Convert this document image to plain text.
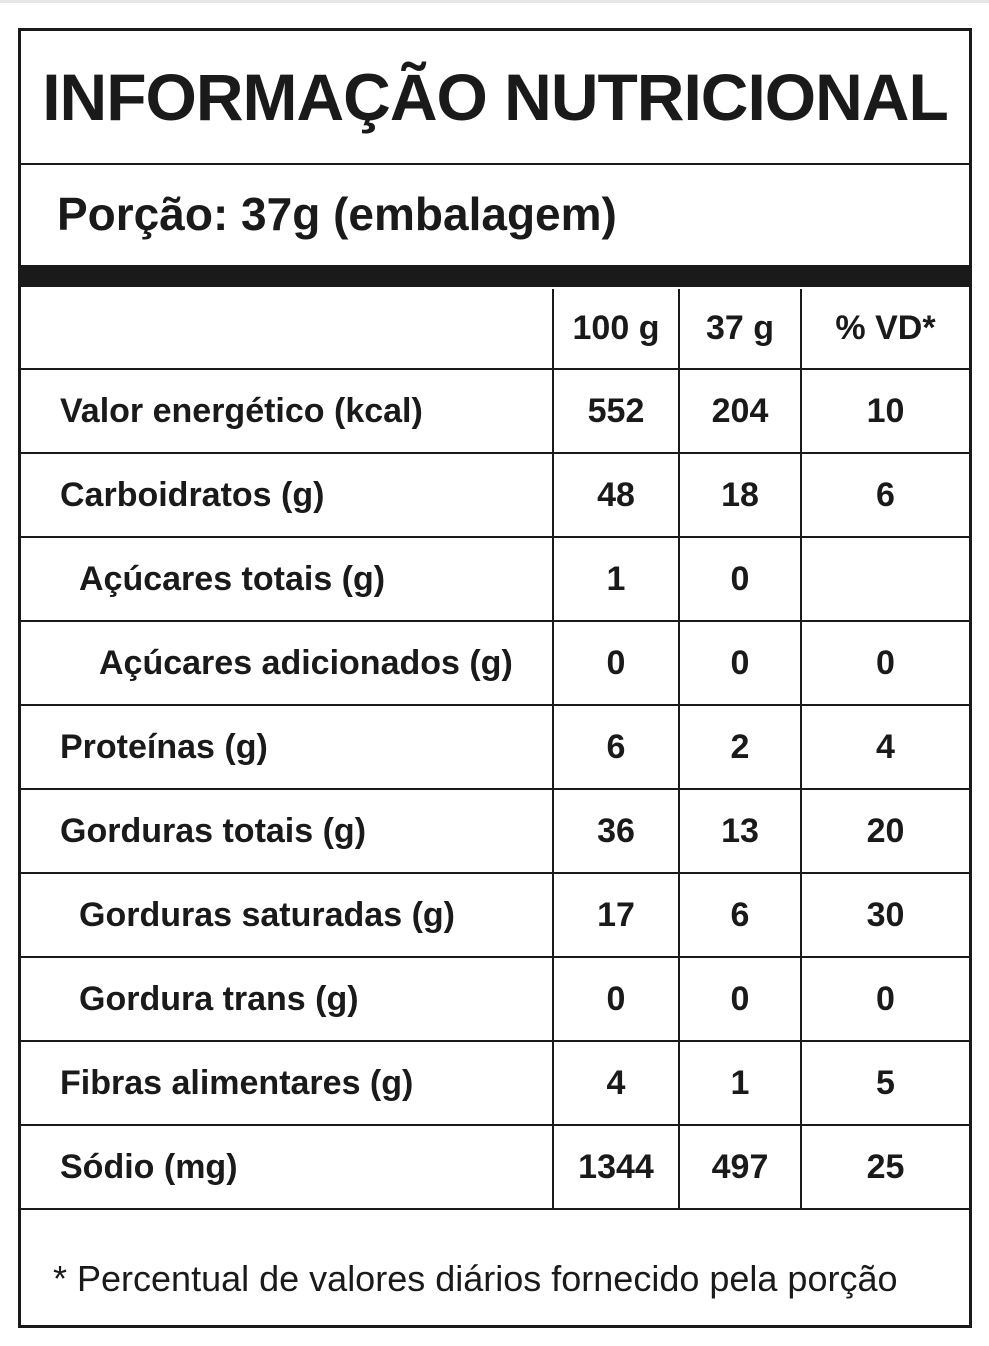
INFORMAÇÃO NUTRICIONAL
Porção: 37g (embalagem)
	100 g	37 g	% VD*
Valor energético (kcal)	552	204	10
Carboidratos (g)	48	18	6
Açúcares totais (g)	1	0	
Açúcares adicionados (g)	0	0	0
Proteínas (g)	6	2	4
Gorduras totais (g)	36	13	20
Gorduras saturadas (g)	17	6	30
Gordura trans (g)	0	0	0
Fibras alimentares (g)	4	1	5
Sódio (mg)	1344	497	25
* Percentual de valores diários fornecido pela porção
